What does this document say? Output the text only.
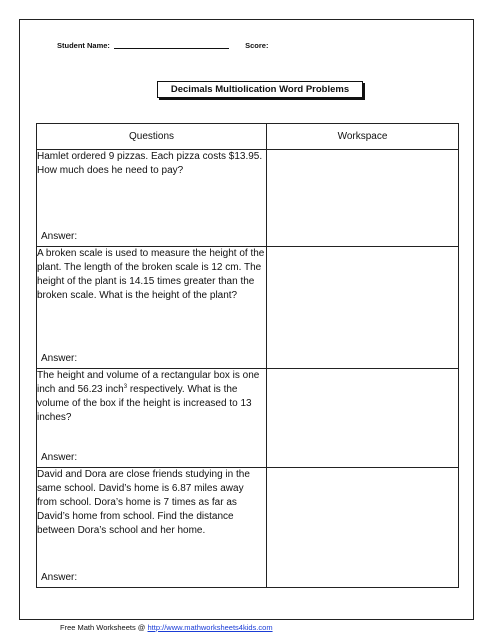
Student Name:	Score:
Decimals Multiolication Word Problems
Questions	Workspace
Hamlet ordered 9 pizzas. Each pizza costs $13.95. How much does he need to pay?
Answer:	

A broken scale is used to measure the height of the plant. The length of the broken scale is 12 cm. The height of the plant is 14.15 times greater than the broken scale. What is the height of the plant?
Answer:	

The height and volume of a rectangular box is one inch and 56.23 inch$^3$ respectively. What is the volume of the box if the height is increased to 13 inches?
Answer:	

David and Dora are close friends studying in the same school. David’s home is 6.87 miles away from school. Dora’s home is 7 times as far as David’s home from school. Find the distance between Dora’s school and her home.
Answer:	

Free Math Worksheets @ http://www.mathworksheets4kids.com
